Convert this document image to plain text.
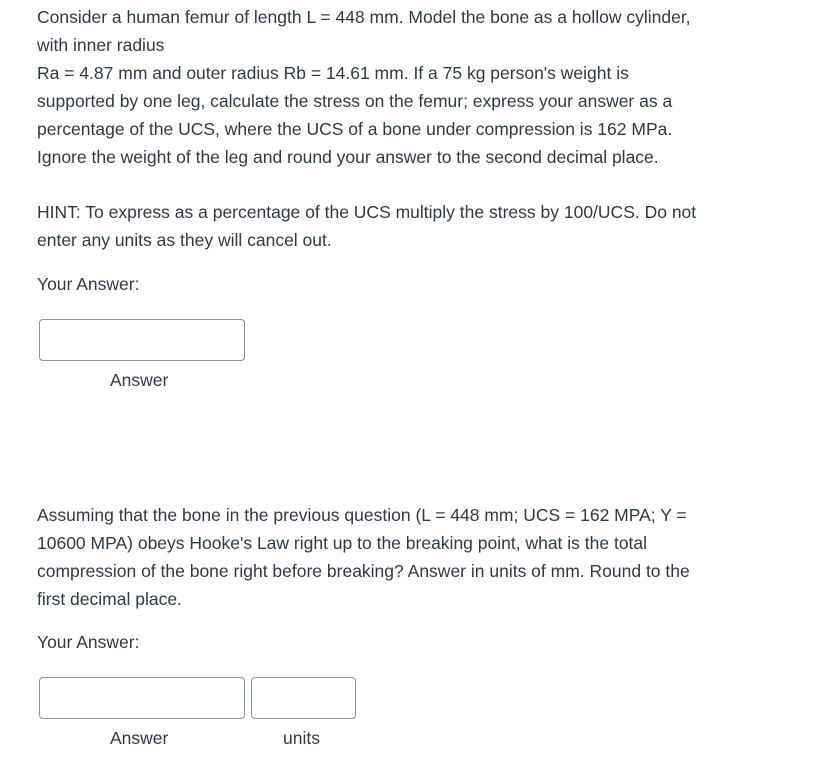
Consider a human femur of length L = 448 mm. Model the bone as a hollow cylinder,
with inner radius
Ra = 4.87 mm and outer radius Rb = 14.61 mm. If a 75 kg person's weight is
supported by one leg, calculate the stress on the femur; express your answer as a
percentage of the UCS, where the UCS of a bone under compression is 162 MPa.
Ignore the weight of the leg and round your answer to the second decimal place.
HINT: To express as a percentage of the UCS multiply the stress by 100/UCS. Do not
enter any units as they will cancel out.
Your Answer:
Answer
Assuming that the bone in the previous question (L = 448 mm; UCS = 162 MPA; Y =
10600 MPA) obeys Hooke's Law right up to the breaking point, what is the total
compression of the bone right before breaking? Answer in units of mm. Round to the
first decimal place.
Your Answer:
Answer	units
